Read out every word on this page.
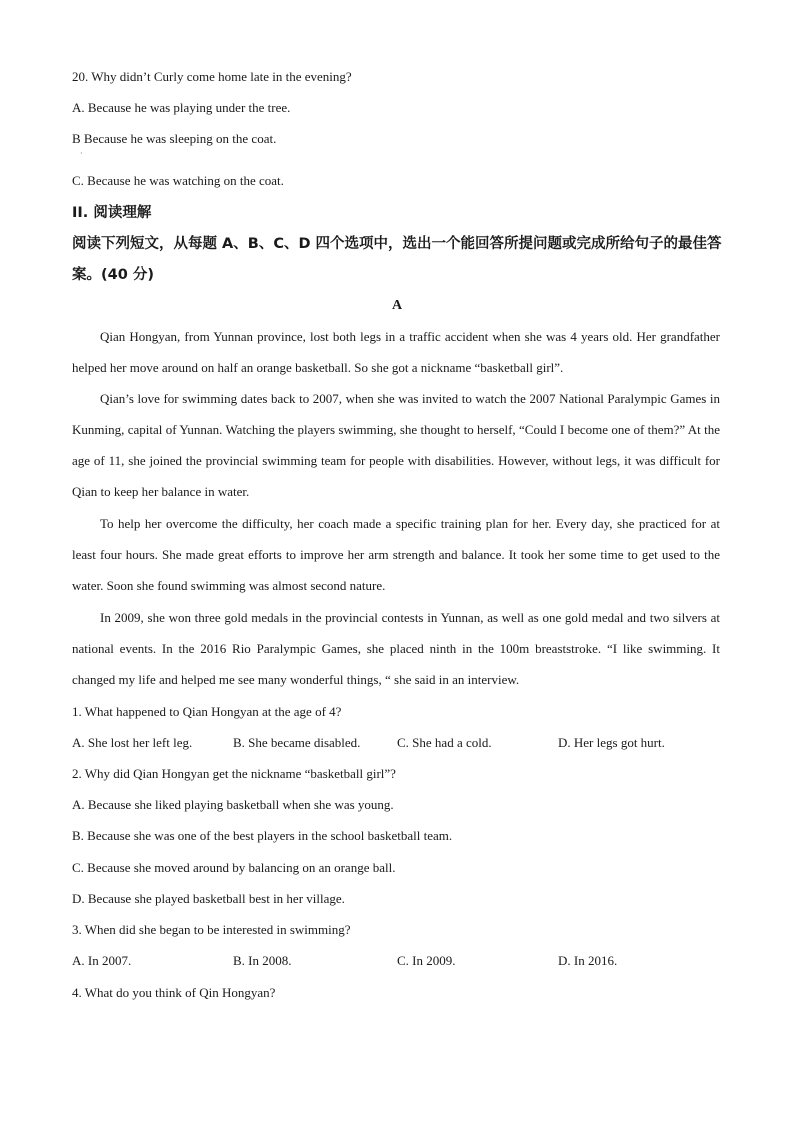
20. Why didn’t Curly come home late in the evening?
A. Because he was playing under the tree.
B Because he was sleeping on the coat.
·
C. Because he was watching on the coat.
II. 阅读理解
阅读下列短文，从每题 A、B、C、D 四个选项中，选出一个能回答所提问题或完成所给句子的最佳答案。(40 分)
A
Qian Hongyan, from Yunnan province, lost both legs in a traffic accident when she was 4 years old. Her grandfather helped her move around on half an orange basketball. So she got a nickname “basketball girl”.
Qian’s love for swimming dates back to 2007, when she was invited to watch the 2007 National Paralympic Games in Kunming, capital of Yunnan. Watching the players swimming, she thought to herself, “Could I become one of them?” At the age of 11, she joined the provincial swimming team for people with disabilities. However, without legs, it was difficult for Qian to keep her balance in water.
To help her overcome the difficulty, her coach made a specific training plan for her. Every day, she practiced for at least four hours. She made great efforts to improve her arm strength and balance. It took her some time to get used to the water. Soon she found swimming was almost second nature.
In 2009, she won three gold medals in the provincial contests in Yunnan, as well as one gold medal and two silvers at national events. In the 2016 Rio Paralympic Games, she placed ninth in the 100m breaststroke. “I like swimming. It changed my life and helped me see many wonderful things, “ she said in an interview.
1. What happened to Qian Hongyan at the age of 4?
A. She lost her left leg.	B. She became disabled.	C. She had a cold.	D. Her legs got hurt.
2. Why did Qian Hongyan get the nickname “basketball girl”?
A. Because she liked playing basketball when she was young.
B. Because she was one of the best players in the school basketball team.
C. Because she moved around by balancing on an orange ball.
D. Because she played basketball best in her village.
3. When did she began to be interested in swimming?
A. In 2007.	B. In 2008.	C. In 2009.	D. In 2016.
4. What do you think of Qin Hongyan?
